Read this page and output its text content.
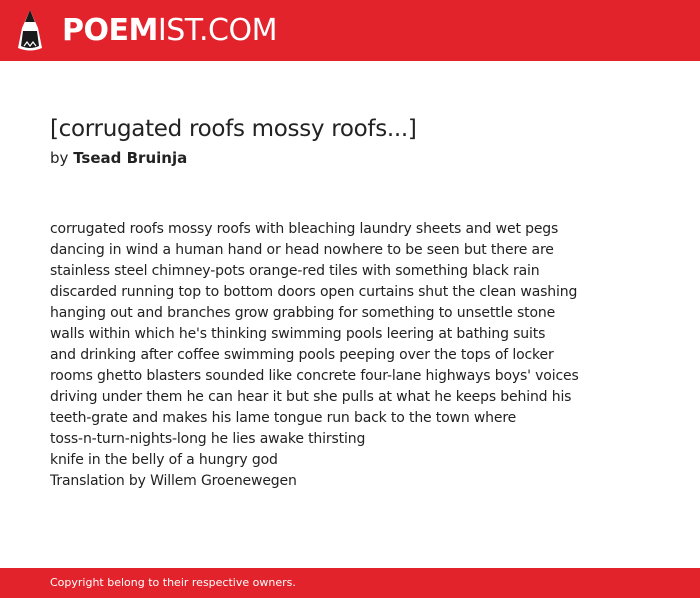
POEMIST.COM
[corrugated roofs mossy roofs...]
by Tsead Bruinja
corrugated roofs mossy roofs with bleaching laundry sheets and wet pegs
dancing in wind a human hand or head nowhere to be seen but there are
stainless steel chimney-pots orange-red tiles with something black rain
discarded running top to bottom doors open curtains shut the clean washing
hanging out and branches grow grabbing for something to unsettle stone
walls within which he's thinking swimming pools leering at bathing suits
and drinking after coffee swimming pools peeping over the tops of locker
rooms ghetto blasters sounded like concrete four-lane highways boys' voices
driving under them he can hear it but she pulls at what he keeps behind his
teeth-grate and makes his lame tongue run back to the town where
toss-n-turn-nights-long he lies awake thirsting
knife in the belly of a hungry god
Translation by Willem Groenewegen
Copyright belong to their respective owners.
